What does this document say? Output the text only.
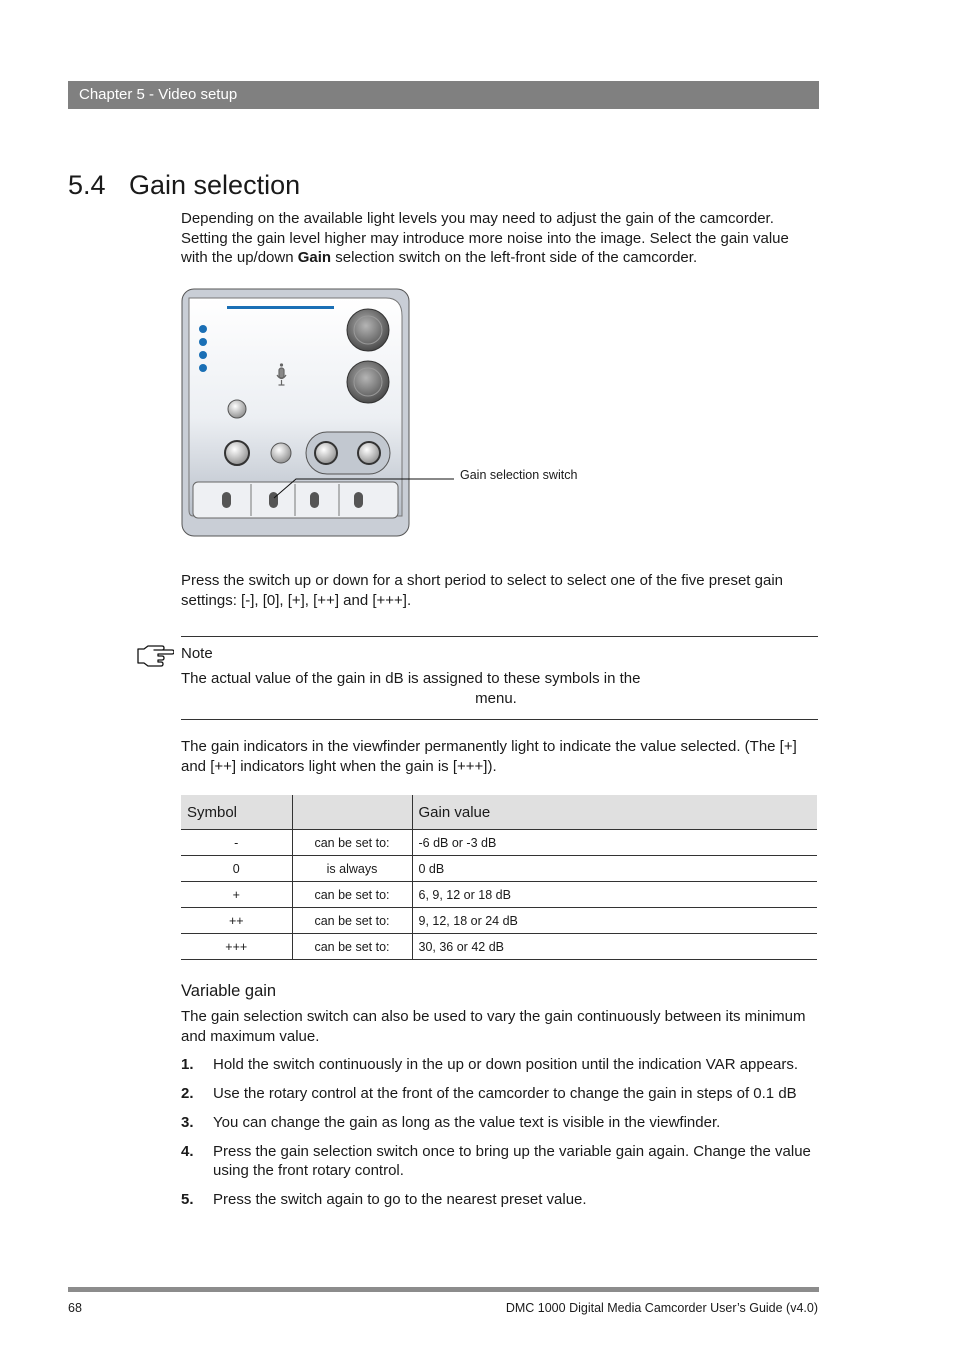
Chapter 5 - Video setup
5.4 Gain selection

Depending on the available light levels you may need to adjust the gain of the camcorder. Setting the gain level higher may introduce more noise into the image. Select the gain value with the up/down Gain selection switch on the left-front side of the camcorder.

Gain selection switch

Press the switch up or down for a short period to select to select one of the five preset gain settings: [-], [0], [+], [++] and [+++].

Note
The actual value of the gain in dB is assigned to these symbols in the
menu.

The gain indicators in the viewfinder permanently light to indicate the value selected. (The [+] and [++] indicators light when the gain is [+++]).

Symbol		Gain value
-	can be set to:	-6 dB or -3 dB
0	is always	0 dB
+	can be set to:	6, 9, 12 or 18 dB
++	can be set to:	9, 12, 18 or 24 dB
+++	can be set to:	30, 36 or 42 dB
Variable gain

The gain selection switch can also be used to vary the gain continuously between its minimum and maximum value.

1. Hold the switch continuously in the up or down position until the indication VAR appears.
2. Use the rotary control at the front of the camcorder to change the gain in steps of 0.1 dB
3. You can change the gain as long as the value text is visible in the viewfinder.
4. Press the gain selection switch once to bring up the variable gain again. Change the value using the front rotary control.
5. Press the switch again to go to the nearest preset value.
68	DMC 1000 Digital Media Camcorder User’s Guide (v4.0)
